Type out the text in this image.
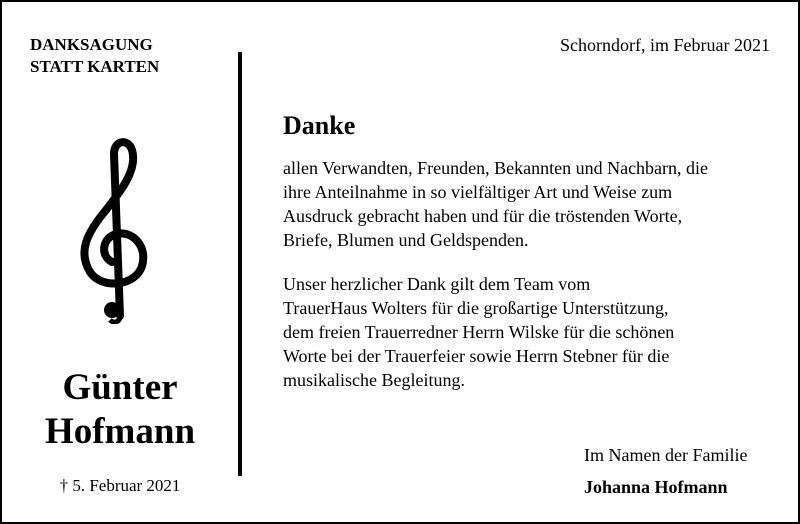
DANKSAGUNG
STATT KARTEN
Schorndorf, im Februar 2021
Günter
Hofmann
† 5. Februar 2021
Danke

allen Verwandten, Freunden, Bekannten und Nachbarn, die
ihre Anteilnahme in so vielfältiger Art und Weise zum
Ausdruck gebracht haben und für die tröstenden Worte,
Briefe, Blumen und Geldspenden.

Unser herzlicher Dank gilt dem Team vom
TrauerHaus Wolters für die großartige Unterstützung,
dem freien Trauerredner Herrn Wilske für die schönen
Worte bei der Trauerfeier sowie Herrn Stebner für die
musikalische Begleitung.

Im Namen der Familie
Johanna Hofmann
